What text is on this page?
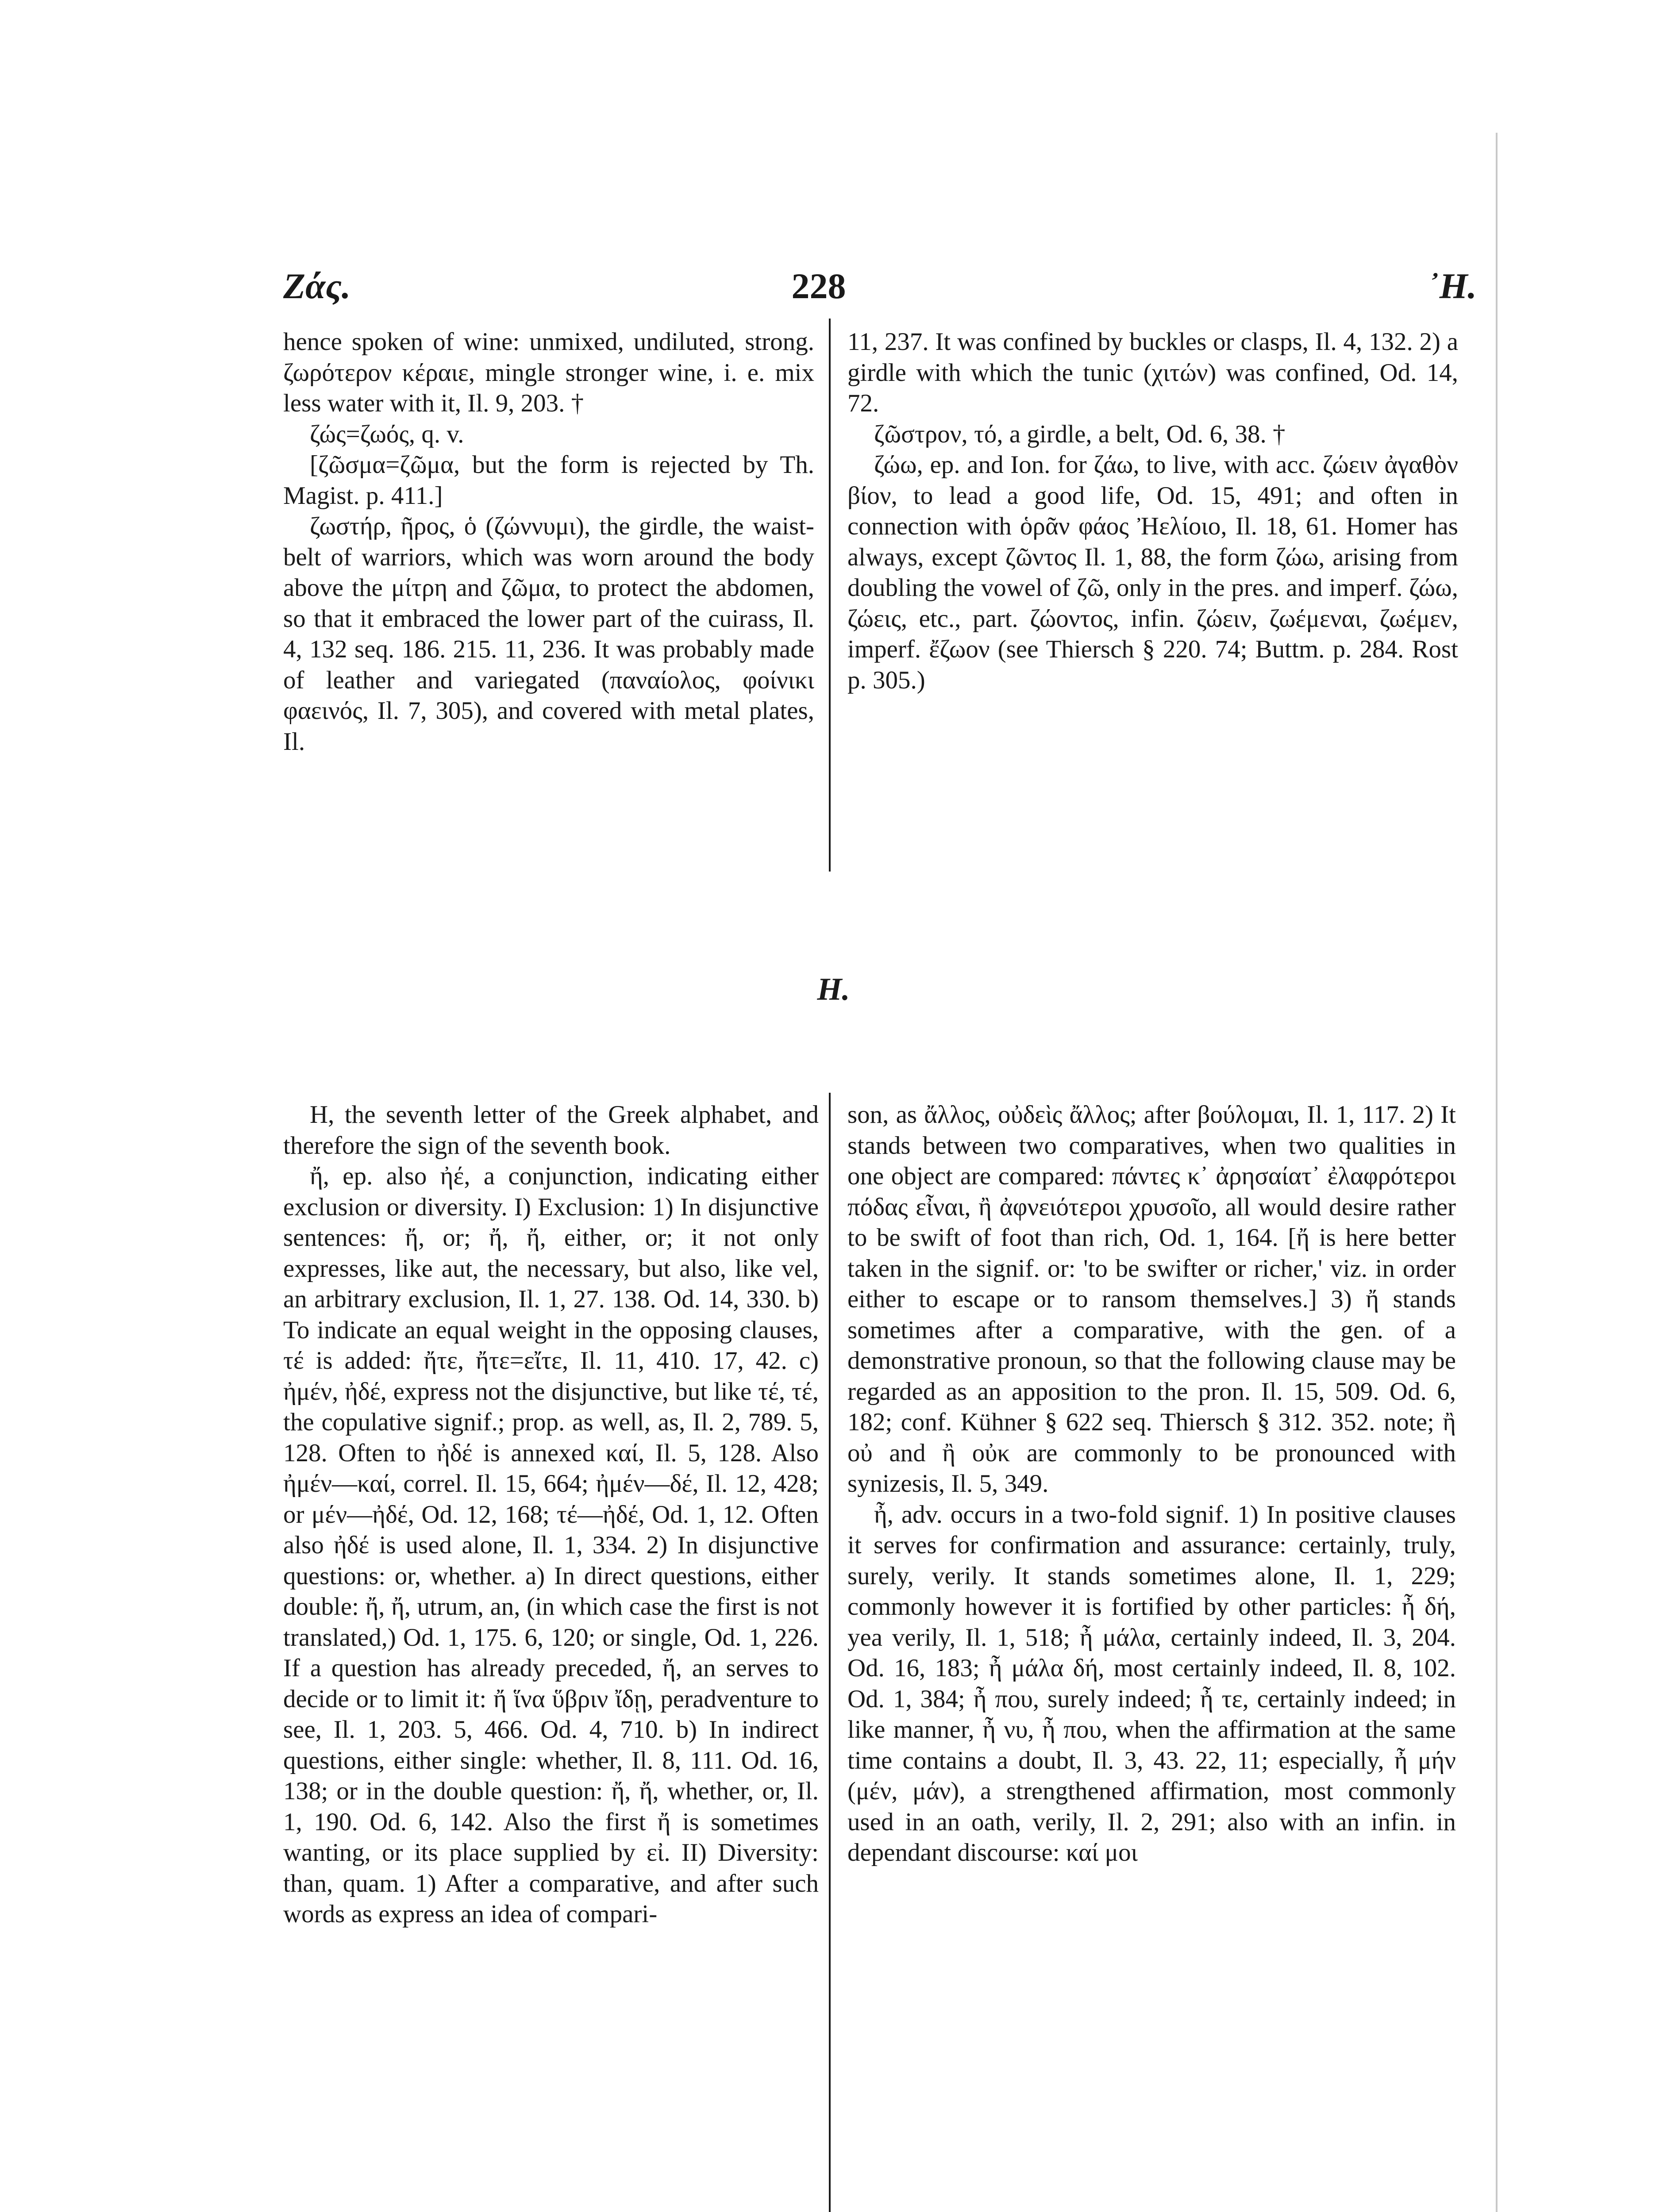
Zάς.	228	᾽H.

hence spoken of wine: unmixed, undiluted, strong. ζωρότερον κέραιε, mingle stronger wine, i. e. mix less water with it, Il. 9, 203. †

ζώς=ζωός, q. v.

[ζῶσμα=ζῶμα, but the form is rejected by Th. Magist. p. 411.]

ζωστήρ, ῆρος, ὁ (ζώννυμι), the girdle, the waist-belt of warriors, which was worn around the body above the μίτρη and ζῶμα, to protect the abdomen, so that it embraced the lower part of the cuirass, Il. 4, 132 seq. 186. 215. 11, 236. It was probably made of leather and variegated (παναίολος, φοίνικι φαεινός, Il. 7, 305), and covered with metal plates, Il.

11, 237. It was confined by buckles or clasps, Il. 4, 132. 2) a girdle with which the tunic (χιτών) was confined, Od. 14, 72.

ζῶστρον, τό, a girdle, a belt, Od. 6, 38. †

ζώω, ep. and Ion. for ζάω, to live, with acc. ζώειν ἀγαθὸν βίον, to lead a good life, Od. 15, 491; and often in connection with ὁρᾶν φάος Ἠελίοιο, Il. 18, 61. Homer has always, except ζῶντος Il. 1, 88, the form ζώω, arising from doubling the vowel of ζῶ, only in the pres. and imperf. ζώω, ζώεις, etc., part. ζώοντος, infin. ζώειν, ζωέμεναι, ζωέμεν, imperf. ἔζωον (see Thiersch § 220. 74; Buttm. p. 284. Rost p. 305.)

H.

H, the seventh letter of the Greek alphabet, and therefore the sign of the seventh book.

ἤ, ep. also ἠέ, a conjunction, indicating either exclusion or diversity. I) Exclusion: 1) In disjunctive sentences: ἤ, or; ἤ, ἤ, either, or; it not only expresses, like aut, the necessary, but also, like vel, an arbitrary exclusion, Il. 1, 27. 138. Od. 14, 330. b) To indicate an equal weight in the opposing clauses, τέ is added: ἤτε, ἤτε=εἴτε, Il. 11, 410. 17, 42. c) ἠμέν, ἠδέ, express not the disjunctive, but like τέ, τέ, the copulative signif.; prop. as well, as, Il. 2, 789. 5, 128. Often to ἠδέ is annexed καί, Il. 5, 128. Also ἠμέν—καί, correl. Il. 15, 664; ἠμέν—δέ, Il. 12, 428; or μέν—ἠδέ, Od. 12, 168; τέ—ἠδέ, Od. 1, 12. Often also ἠδέ is used alone, Il. 1, 334. 2) In disjunctive questions: or, whether. a) In direct questions, either double: ἤ, ἤ, utrum, an, (in which case the first is not translated,) Od. 1, 175. 6, 120; or single, Od. 1, 226. If a question has already preceded, ἤ, an serves to decide or to limit it: ἤ ἵνα ὕβριν ἴδῃ, peradventure to see, Il. 1, 203. 5, 466. Od. 4, 710. b) In indirect questions, either single: whether, Il. 8, 111. Od. 16, 138; or in the double question: ἤ, ἤ, whether, or, Il. 1, 190. Od. 6, 142. Also the first ἤ is sometimes wanting, or its place supplied by εἰ. II) Diversity: than, quam. 1) After a comparative, and after such words as express an idea of compari-

son, as ἄλλος, οὐδεὶς ἄλλος; after βούλομαι, Il. 1, 117. 2) It stands between two comparatives, when two qualities in one object are compared: πάντες κ᾽ ἀρησαίατ᾽ ἐλαφρότεροι πόδας εἶναι, ἢ ἀφνειότεροι χρυσοῖο, all would desire rather to be swift of foot than rich, Od. 1, 164. [ἤ is here better taken in the signif. or: 'to be swifter or richer,' viz. in order either to escape or to ransom themselves.] 3) ἤ stands sometimes after a comparative, with the gen. of a demonstrative pronoun, so that the following clause may be regarded as an apposition to the pron. Il. 15, 509. Od. 6, 182; conf. Kühner § 622 seq. Thiersch § 312. 352. note; ἢ οὐ and ἢ οὐκ are commonly to be pronounced with synizesis, Il. 5, 349.

ἦ, adv. occurs in a two-fold signif. 1) In positive clauses it serves for confirmation and assurance: certainly, truly, surely, verily. It stands sometimes alone, Il. 1, 229; commonly however it is fortified by other particles: ἦ δή, yea verily, Il. 1, 518; ἦ μάλα, certainly indeed, Il. 3, 204. Od. 16, 183; ἦ μάλα δή, most certainly indeed, Il. 8, 102. Od. 1, 384; ἦ που, surely indeed; ἦ τε, certainly indeed; in like manner, ἦ νυ, ἦ που, when the affirmation at the same time contains a doubt, Il. 3, 43. 22, 11; especially, ἦ μήν (μέν, μάν), a strengthened affirmation, most commonly used in an oath, verily, Il. 2, 291; also with an infin. in dependant discourse: καί μοι
